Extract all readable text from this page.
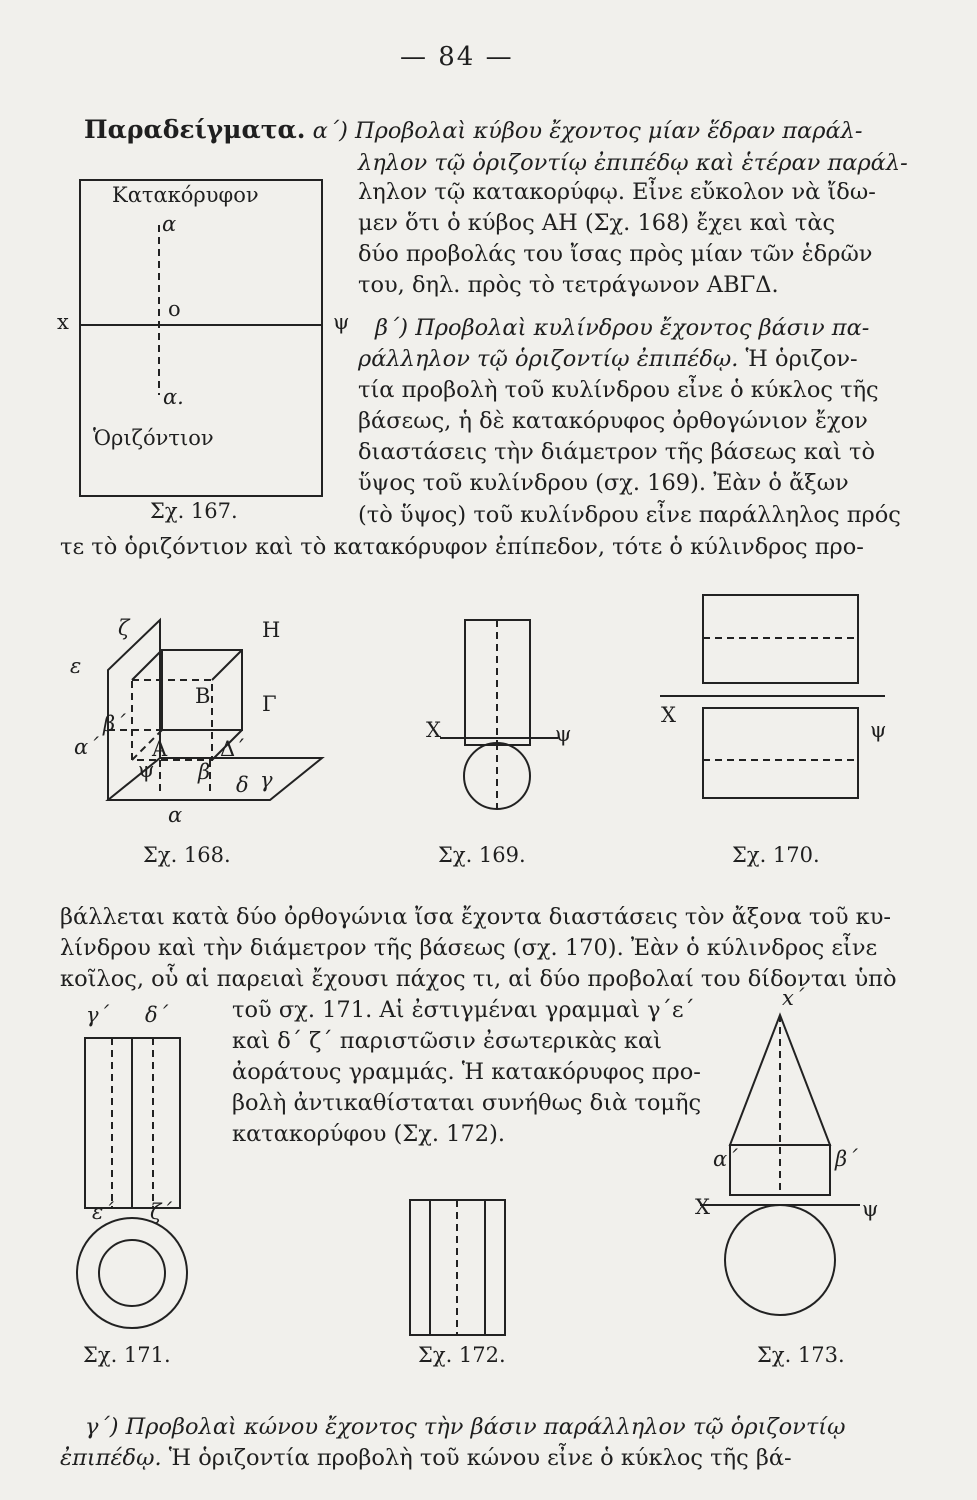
— 84 —
Παραδείγματα. α΄) Προβολαὶ κύβου ἔχοντος μίαν ἕδραν παράλ-
ληλον τῷ ὁριζοντίῳ ἐπιπέδῳ καὶ ἑτέραν παράλ-
ληλον τῷ κατακορύφῳ. Εἶνε εὔκολον νὰ ἴδω-
μεν ὅτι ὁ κύβος ΑΗ (Σχ. 168) ἔχει καὶ τὰς
δύο προβολάς του ἴσας πρὸς μίαν τῶν ἑδρῶν
του, δηλ. πρὸς τὸ τετράγωνον ΑΒΓΔ.
β΄) Προβολαὶ κυλίνδρου ἔχοντος βάσιν πα-
ράλληλον τῷ ὁριζοντίῳ ἐπιπέδῳ. Ἡ ὁριζον-
τία προβολὴ τοῦ κυλίνδρου εἶνε ὁ κύκλος τῆς
βάσεως, ἡ δὲ κατακόρυφος ὀρθογώνιον ἔχον
διαστάσεις τὴν διάμετρον τῆς βάσεως καὶ τὸ
ὕψος τοῦ κυλίνδρου (σχ. 169). Ἐὰν ὁ ἄξων
(τὸ ὕψος) τοῦ κυλίνδρου εἶνε παράλληλος πρός
τε τὸ ὁριζόντιον καὶ τὸ κατακόρυφον ἐπίπεδον, τότε ὁ κύλινδρος προ-
Κατακόρυφον
α
ο
x	ψ
α.
Ὁριζόντιον
Σχ. 167.
ζ	Η
ε
Β Γ
β΄
α΄	Α	Δ΄
ψ β γ
α
δ
Σχ. 168.
X	ψ
Σχ. 169.
X
ψ
Σχ. 170.
βάλλεται κατὰ δύο ὀρθογώνια ἴσα ἔχοντα διαστάσεις τὸν ἄξονα τοῦ κυ-
λίνδρου καὶ τὴν διάμετρον τῆς βάσεως (σχ. 170). Ἐὰν ὁ κύλινδρος εἶνε
κοῖλος, οὗ αἱ παρειαὶ ἔχουσι πάχος τι, αἱ δύο προβολαί του δίδονται ὑπὸ
τοῦ σχ. 171. Αἱ ἐστιγμέναι γραμμαὶ γ΄ε΄
καὶ δ΄ ζ΄ παριστῶσιν ἐσωτερικὰς καὶ
ἀοράτους γραμμάς. Ἡ κατακόρυφος προ-
βολὴ ἀντικαθίσταται συνήθως διὰ τομῆς
κατακορύφου (Σχ. 172).
γ΄ δ΄
ε΄ ζ΄
Σχ. 171.	Σχ. 172.
x΄
α΄	β΄
X	ψ
Σχ. 173.
γ΄) Προβολαὶ κώνου ἔχοντος τὴν βάσιν παράλληλον τῷ ὁριζοντίῳ
ἐπιπέδῳ. Ἡ ὁριζοντία προβολὴ τοῦ κώνου εἶνε ὁ κύκλος τῆς βά-
